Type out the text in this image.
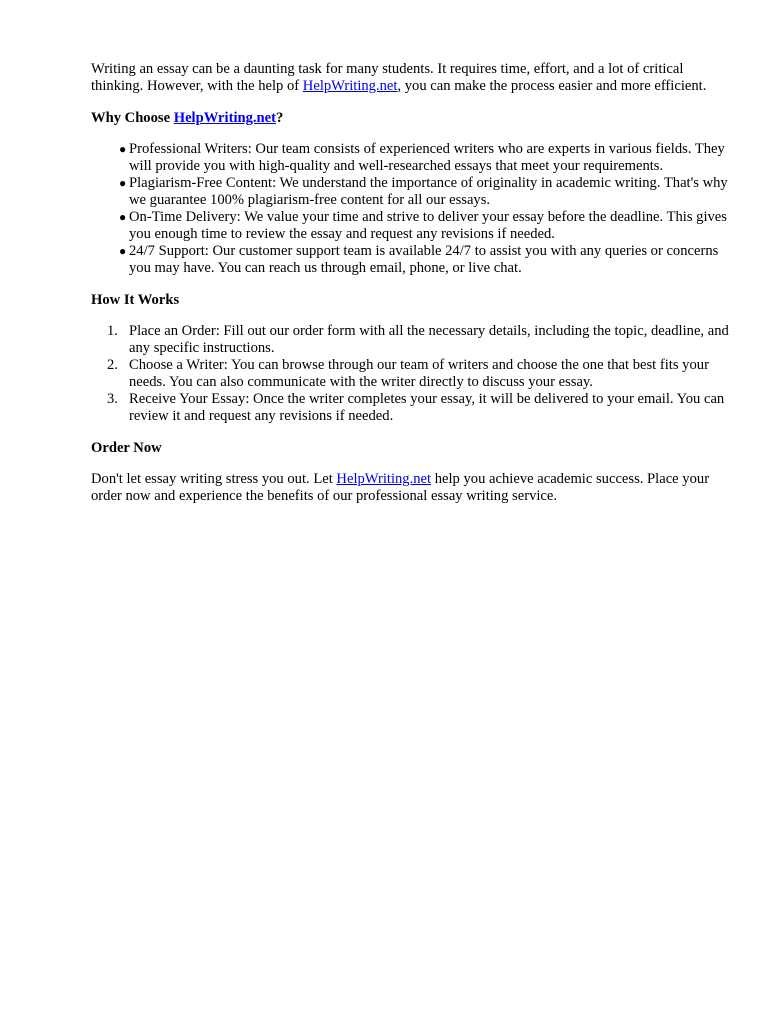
Writing an essay can be a daunting task for many students. It requires time, effort, and a lot of critical thinking. However, with the help of HelpWriting.net, you can make the process easier and more efficient.

Why Choose HelpWriting.net?
● Professional Writers: Our team consists of experienced writers who are experts in various fields. They will provide you with high-quality and well-researched essays that meet your requirements.
● Plagiarism-Free Content: We understand the importance of originality in academic writing. That's why we guarantee 100% plagiarism-free content for all our essays.
● On-Time Delivery: We value your time and strive to deliver your essay before the deadline. This gives you enough time to review the essay and request any revisions if needed.
● 24/7 Support: Our customer support team is available 24/7 to assist you with any queries or concerns you may have. You can reach us through email, phone, or live chat.
How It Works
1. Place an Order: Fill out our order form with all the necessary details, including the topic, deadline, and any specific instructions.
2. Choose a Writer: You can browse through our team of writers and choose the one that best fits your needs. You can also communicate with the writer directly to discuss your essay.
3. Receive Your Essay: Once the writer completes your essay, it will be delivered to your email. You can review it and request any revisions if needed.
Order Now

Don't let essay writing stress you out. Let HelpWriting.net help you achieve academic success. Place your order now and experience the benefits of our professional essay writing service.
